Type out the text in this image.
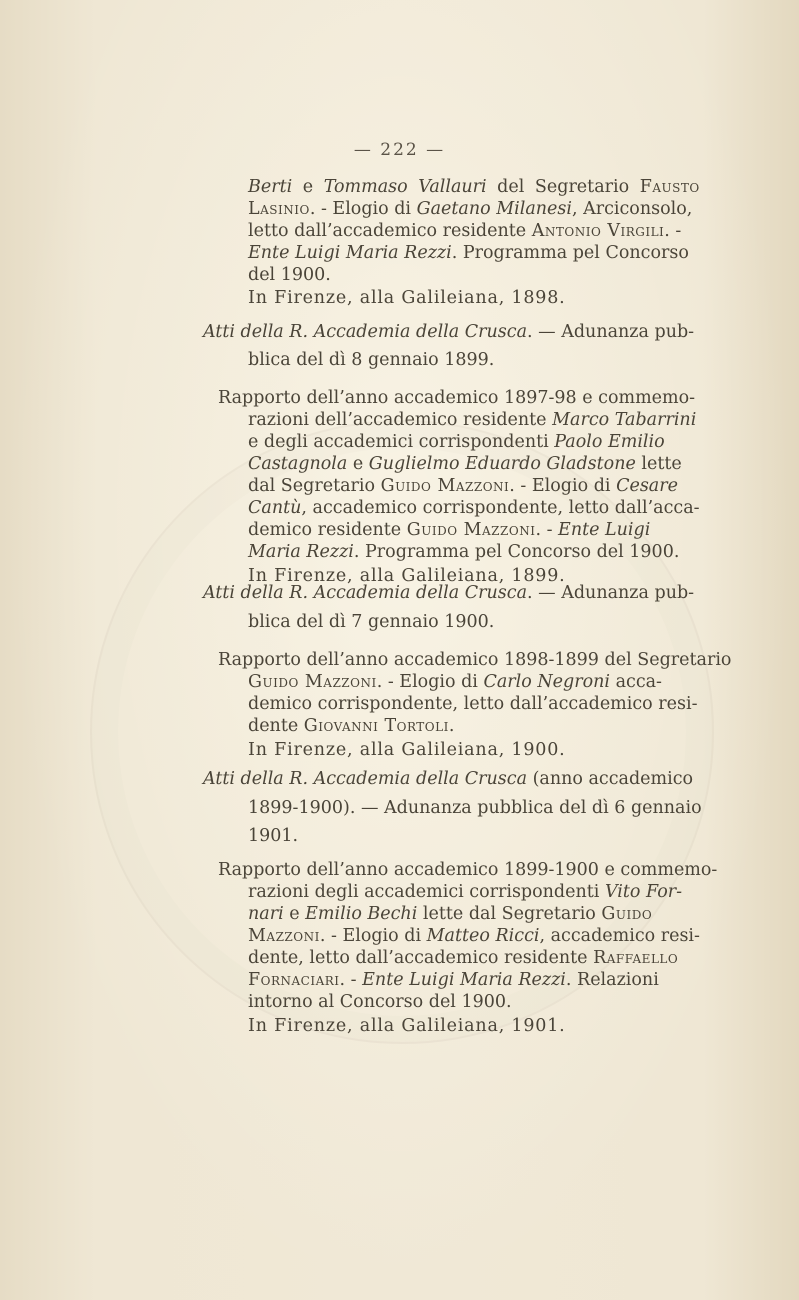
— 222 —
Berti e Tommaso Vallauri del Segretario Fausto
Lasinio. - Elogio di Gaetano Milanesi, Arciconsolo,
letto dall’accademico residente Antonio Virgili. -
Ente Luigi Maria Rezzi. Programma pel Concorso
del 1900.
In Firenze, alla Galileiana, 1898.
Atti della R. Accademia della Crusca. — Adunanza pub-
blica del dì 8 gennaio 1899.
Rapporto dell’anno accademico 1897-98 e commemo-
razioni dell’accademico residente Marco Tabarrini
e degli accademici corrispondenti Paolo Emilio
Castagnola e Guglielmo Eduardo Gladstone lette
dal Segretario Guido Mazzoni. - Elogio di Cesare
Cantù, accademico corrispondente, letto dall’acca-
demico residente Guido Mazzoni. - Ente Luigi
Maria Rezzi. Programma pel Concorso del 1900.
In Firenze, alla Galileiana, 1899.
Atti della R. Accademia della Crusca. — Adunanza pub-
blica del dì 7 gennaio 1900.
Rapporto dell’anno accademico 1898-1899 del Segretario
Guido Mazzoni. - Elogio di Carlo Negroni acca-
demico corrispondente, letto dall’accademico resi-
dente Giovanni Tortoli.
In Firenze, alla Galileiana, 1900.
Atti della R. Accademia della Crusca (anno accademico
1899-1900). — Adunanza pubblica del dì 6 gennaio
1901.
Rapporto dell’anno accademico 1899-1900 e commemo-
razioni degli accademici corrispondenti Vito For-
nari e Emilio Bechi lette dal Segretario Guido
Mazzoni. - Elogio di Matteo Ricci, accademico resi-
dente, letto dall’accademico residente Raffaello
Fornaciari. - Ente Luigi Maria Rezzi. Relazioni
intorno al Concorso del 1900.
In Firenze, alla Galileiana, 1901.
